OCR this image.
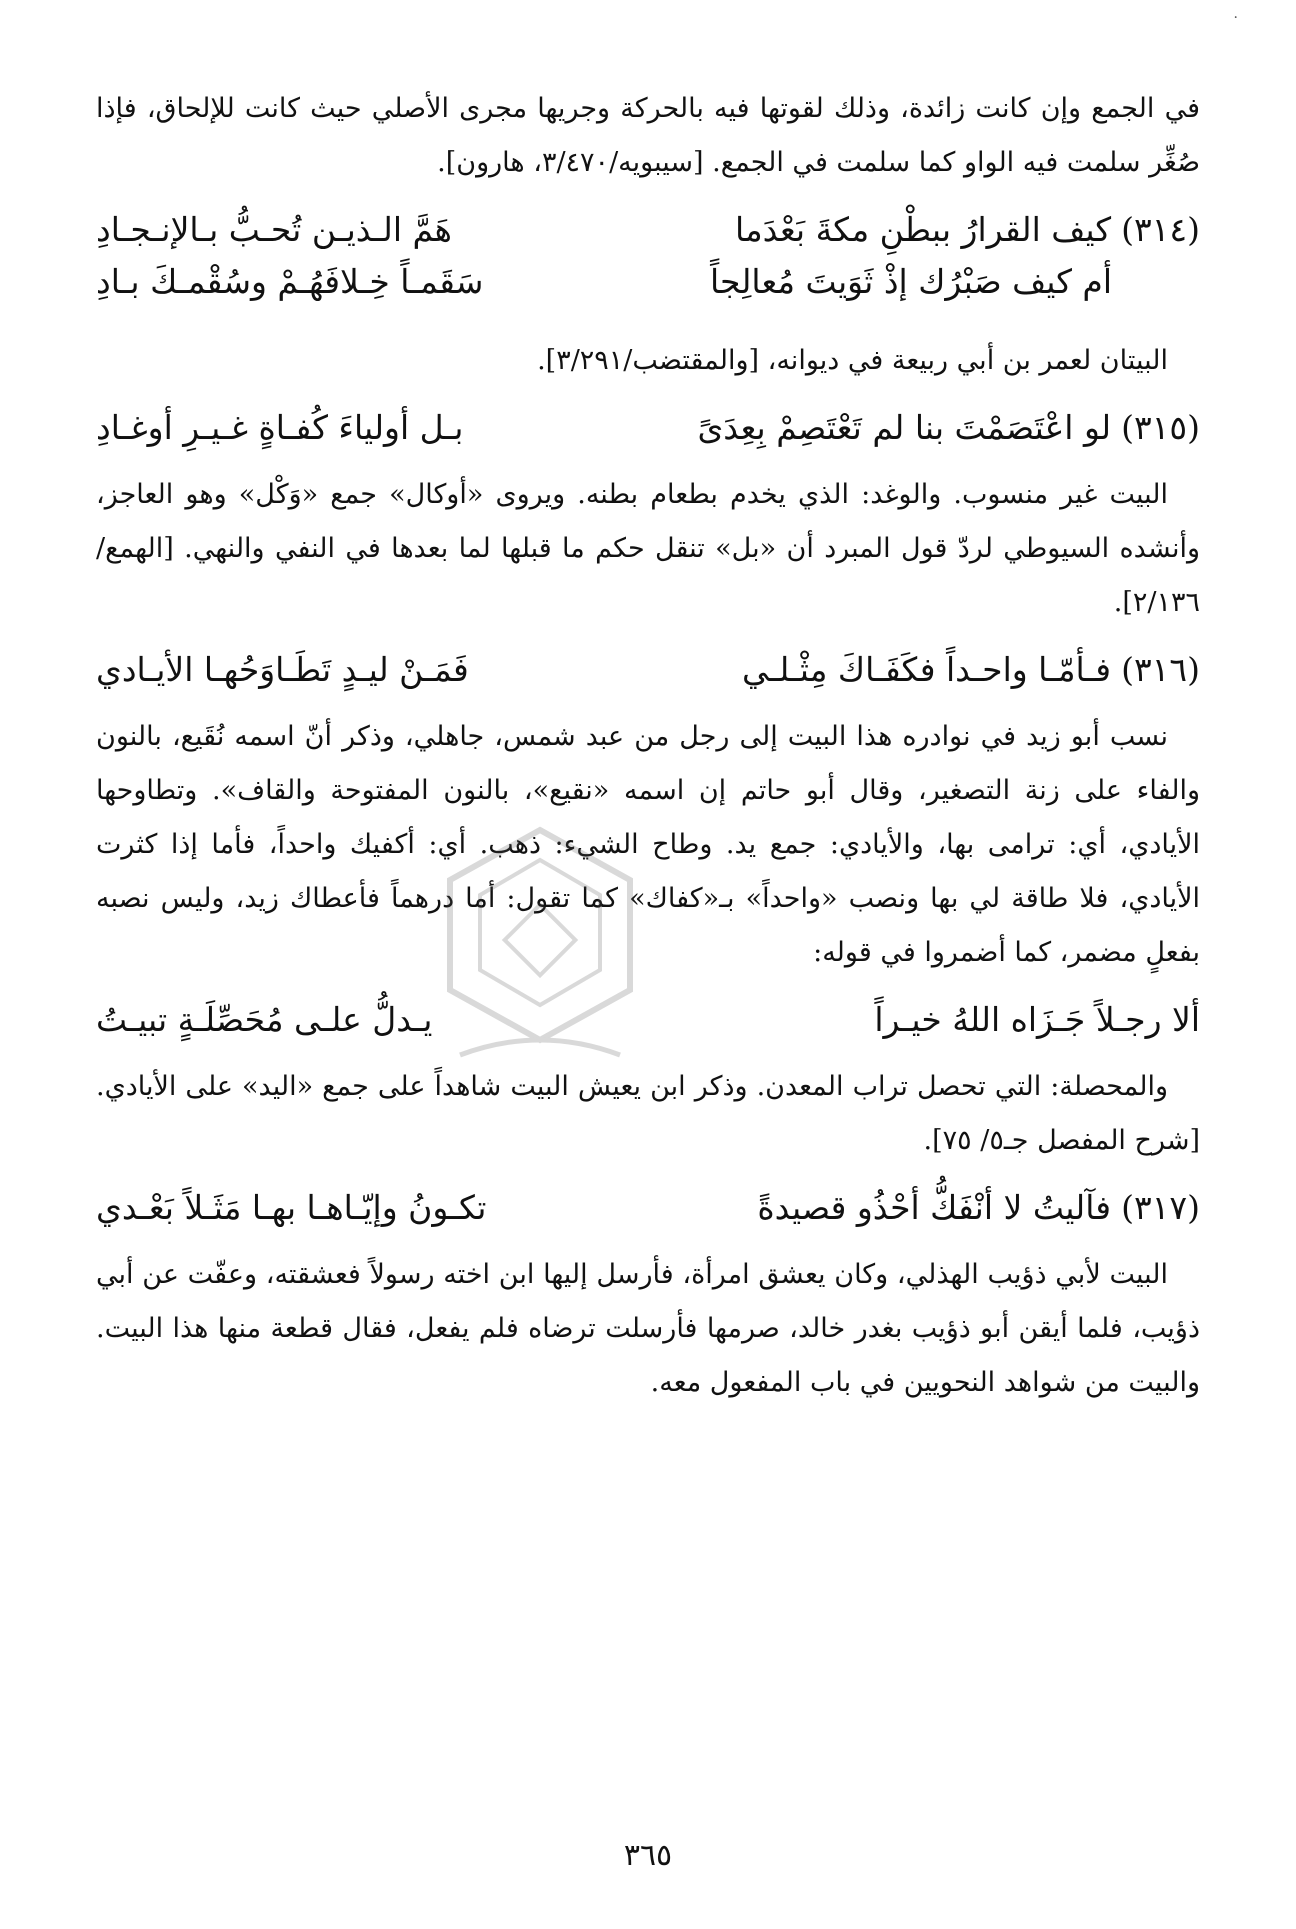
·

في الجمع وإن كانت زائدة، وذلك لقوتها فيه بالحركة وجريها مجرى الأصلي حيث كانت للإلحاق، فإذا صُغِّر سلمت فيه الواو كما سلمت في الجمع. [سيبويه/٣/٤٧٠، هارون].

(٣١٤)
كيف القرارُ ببطْنِ مكةَ بَعْدَما
هَمَّ الـذيـن تُحـبُّ بـالإنـجـادِ
أم كيف صَبْرُك إذْ ثَوَيتَ مُعالِجاً
سَقَمـاً خِـلافَهُـمْ وسُقْمـكَ بـادِ

البيتان لعمر بن أبي ربيعة في ديوانه، [والمقتضب/٣/٢٩١].

(٣١٥)
لو اعْتَصَمْتَ بنا لم تَعْتَصِمْ بِعِدَىً
بـل أولياءَ كُفـاةٍ غـيـرِ أوغـادِ

البيت غير منسوب. والوغد: الذي يخدم بطعام بطنه. ويروى «أوكال» جمع «وَكْل» وهو العاجز، وأنشده السيوطي لردّ قول المبرد أن «بل» تنقل حكم ما قبلها لما بعدها في النفي والنهي. [الهمع/٢/١٣٦].

(٣١٦)
فـأمّـا واحـداً فكَفَـاكَ مِثْـلـي
فَمَـنْ ليـدٍ تَطَـاوَحُهـا الأيـادي

نسب أبو زيد في نوادره هذا البيت إلى رجل من عبد شمس، جاهلي، وذكر أنّ اسمه نُقَيع، بالنون والفاء على زنة التصغير، وقال أبو حاتم إن اسمه «نقيع»، بالنون المفتوحة والقاف». وتطاوحها الأيادي، أي: ترامى بها، والأيادي: جمع يد. وطاح الشيء: ذهب. أي: أكفيك واحداً، فأما إذا كثرت الأيادي، فلا طاقة لي بها ونصب «واحداً» بـ«كفاك» كما تقول: أما درهماً فأعطاك زيد، وليس نصبه بفعلٍ مضمر، كما أضمروا في قوله:

ألا رجـلاً جَـزَاه اللهُ خيـراً
يـدلُّ علـى مُحَصِّلَـةٍ تبيـتُ

والمحصلة: التي تحصل تراب المعدن. وذكر ابن يعيش البيت شاهداً على جمع «اليد» على الأيادي. [شرح المفصل جـ٥/ ٧٥].

(٣١٧)
فآليتُ لا أنْفَكُّ أحْذُو قصيدةً
تكـونُ وإيّـاهـا بهـا مَثَـلاً بَعْـدي

البيت لأبي ذؤيب الهذلي، وكان يعشق امرأة، فأرسل إليها ابن اخته رسولاً فعشقته، وعفّت عن أبي ذؤيب، فلما أيقن أبو ذؤيب بغدر خالد، صرمها فأرسلت ترضاه فلم يفعل، فقال قطعة منها هذا البيت. والبيت من شواهد النحويين في باب المفعول معه.

٣٦٥
